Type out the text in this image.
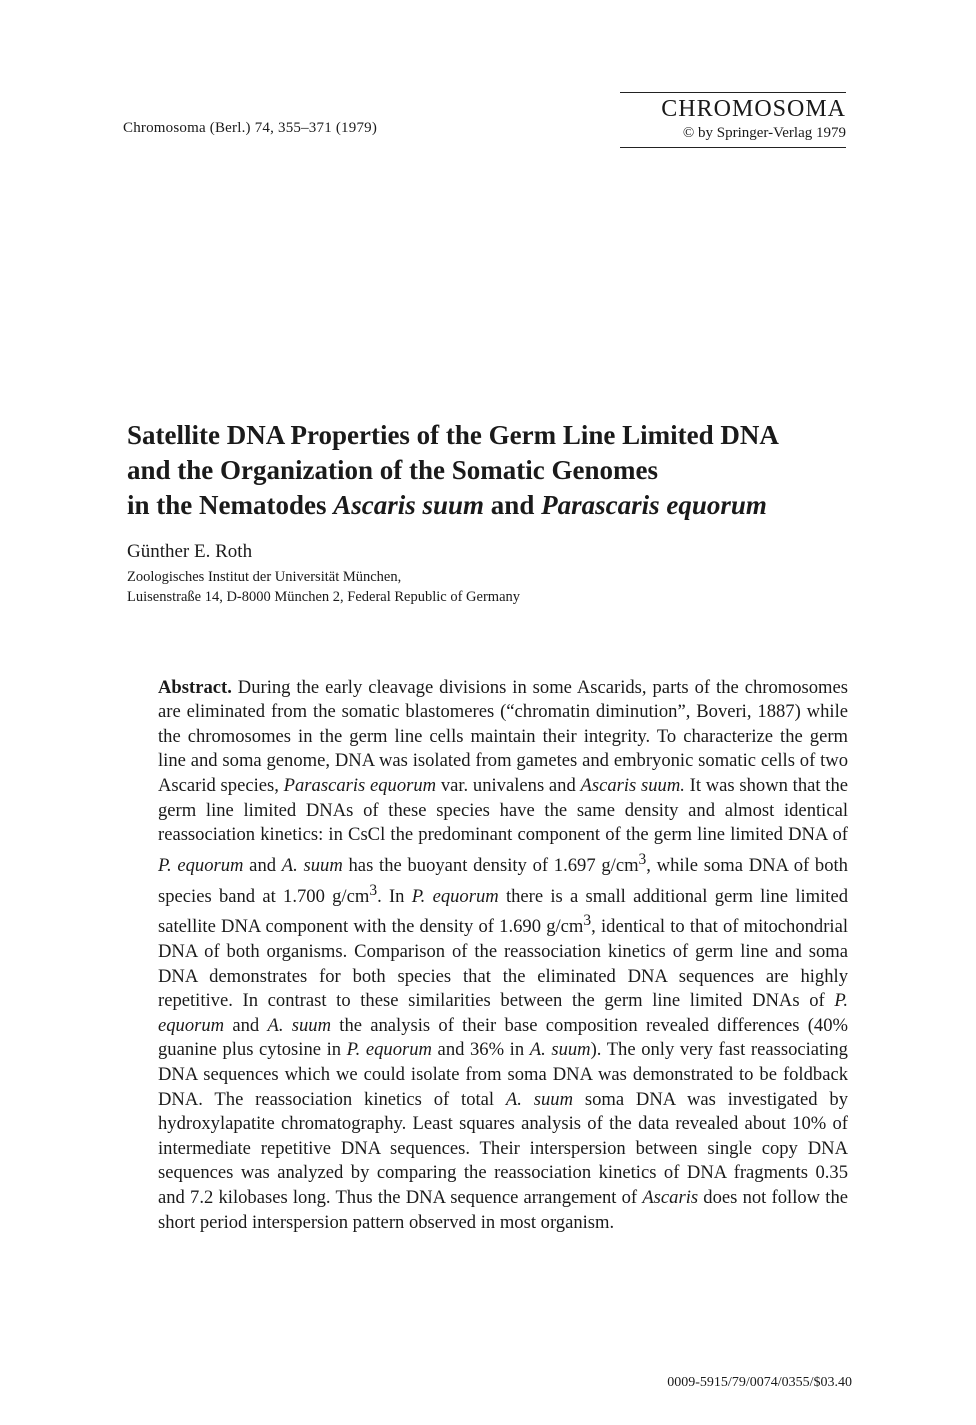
Chromosoma (Berl.) 74, 355–371 (1979)
CHROMOSOMA
© by Springer-Verlag 1979
Satellite DNA Properties of the Germ Line Limited DNA
and the Organization of the Somatic Genomes
in the Nematodes Ascaris suum and Parascaris equorum
Günther E. Roth
Zoologisches Institut der Universität München,
Luisenstraße 14, D-8000 München 2, Federal Republic of Germany

Abstract. During the early cleavage divisions in some Ascarids, parts of the chromosomes are eliminated from the somatic blastomeres (“chromatin diminution”, Boveri, 1887) while the chromosomes in the germ line cells maintain their integrity. To characterize the germ line and soma genome, DNA was isolated from gametes and embryonic somatic cells of two Ascarid species, Parascaris equorum var. univalens and Ascaris suum. It was shown that the germ line limited DNAs of these species have the same density and almost identical reassociation kinetics: in CsCl the predominant component of the germ line limited DNA of P. equorum and A. suum has the buoyant density of 1.697 $g/cm^3$, while soma DNA of both species band at 1.700 $g/cm^3$. In P. equorum there is a small additional germ line limited satellite DNA component with the density of 1.690 $g/cm^3$, identical to that of mitochondrial DNA of both organisms. Comparison of the reassociation kinetics of germ line and soma DNA demonstrates for both species that the eliminated DNA sequences are highly repetitive. In contrast to these similarities between the germ line limited DNAs of P. equorum and A. suum the analysis of their base composition revealed differences (40% guanine plus cytosine in P. equorum and 36% in A. suum). The only very fast reassociating DNA sequences which we could isolate from soma DNA was demonstrated to be foldback DNA. The reassociation kinetics of total A. suum soma DNA was investigated by hydroxylapatite chromatography. Least squares analysis of the data revealed about 10% of intermediate repetitive DNA sequences. Their interspersion between single copy DNA sequences was analyzed by comparing the reassociation kinetics of DNA fragments 0.35 and 7.2 kilobases long. Thus the DNA sequence arrangement of Ascaris does not follow the short period interspersion pattern observed in most organism.

0009-5915/79/0074/0355/$03.40
